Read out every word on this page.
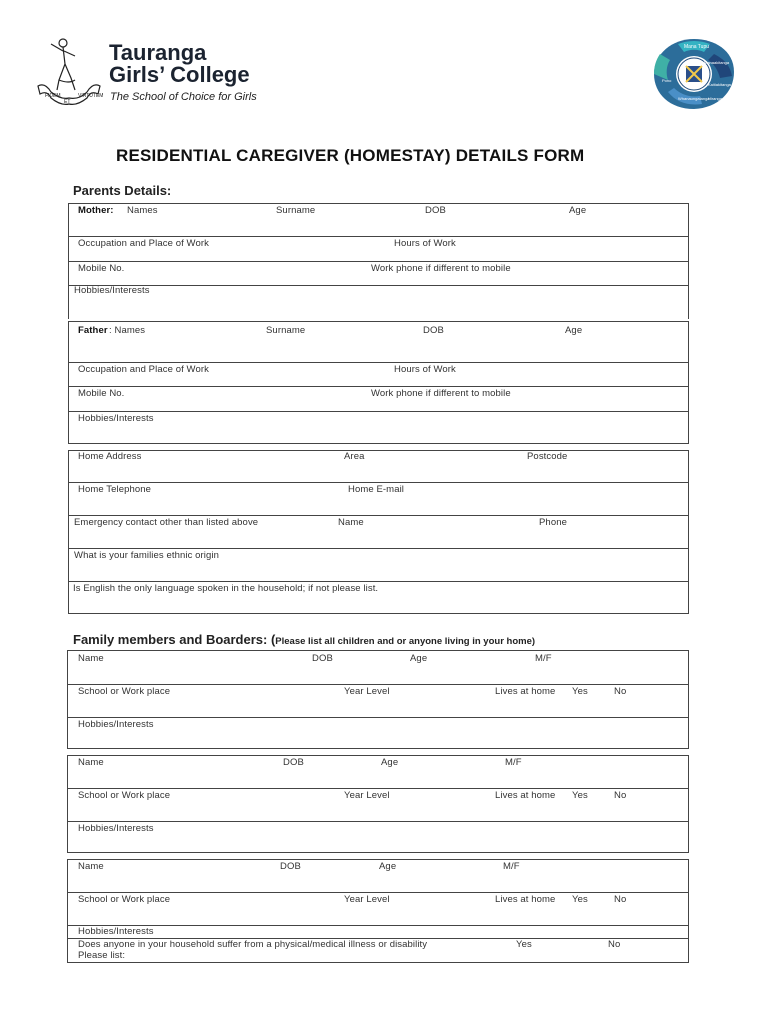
FIDEM
ET
VIRTUTEM
Tauranga
Girls’ College
The School of Choice for Girls
Mana Tupu
Manaakitanga
Pono
Kaitiakitanga
Whanaungatanga
Hiranga
RESIDENTIAL CAREGIVER (HOMESTAY) DETAILS FORM
Parents Details:
Mother: Names	Surname	DOB	Age
Occupation and Place of Work	Hours of Work
Mobile No.	Work phone if different to mobile
Hobbies/Interests
Father : Names	Surname	DOB	Age
Occupation and Place of Work	Hours of Work
Mobile No.	Work phone if different to mobile
Hobbies/Interests
Home Address	Area	Postcode
Home Telephone	Home E-mail
Emergency contact other than listed above	Name	Phone
What is your families ethnic origin
Is English the only language spoken in the household; if not please list.
Family members and Boarders: (Please list all children and or anyone living in your home)
Name	DOB	Age	M/F
School or Work place	Year Level	Lives at home Yes	No
Hobbies/Interests
Name	DOB	Age	M/F
School or Work place	Year Level	Lives at home Yes	No
Hobbies/Interests
Name	DOB	Age	M/F
School or Work place	Year Level	Lives at home Yes	No
Hobbies/Interests
Does anyone in your household suffer from a physical/medical illness or disability	Yes	No
Please list:
